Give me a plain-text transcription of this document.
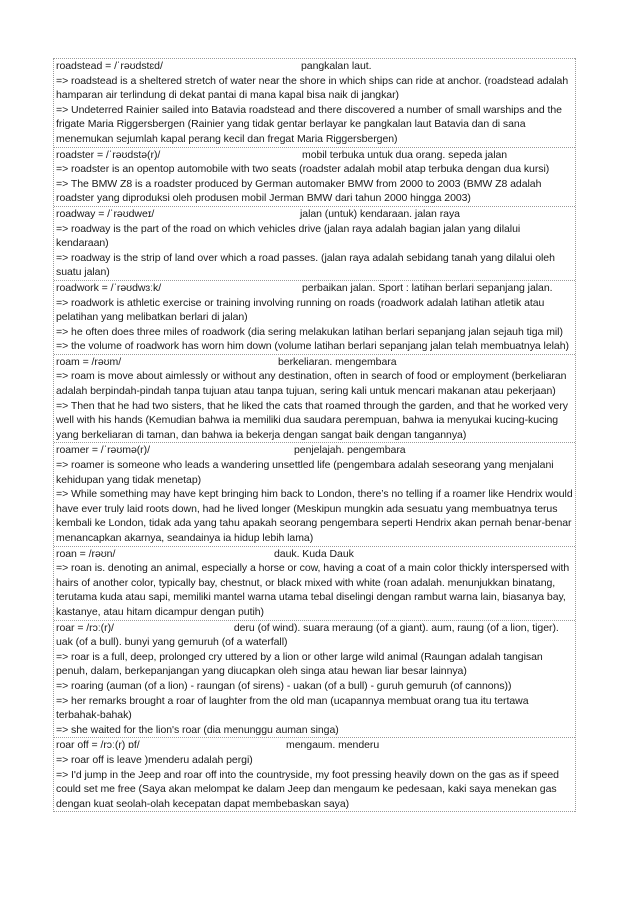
roadstead = /ˈrəʊdstɛd/	pangkalan laut.
=> roadstead is a sheltered stretch of water near the shore in which ships can ride at anchor. (roadstead adalah hamparan air terlindung di dekat pantai di mana kapal bisa naik di jangkar)
=> Undeterred Rainier sailed into Batavia roadstead and there discovered a number of small warships and the frigate Maria Riggersbergen (Rainier yang tidak gentar berlayar ke pangkalan laut Batavia dan di sana menemukan sejumlah kapal perang kecil dan fregat Maria Riggersbergen)
roadster = /ˈrəʊdstə(r)/	mobil terbuka untuk dua orang. sepeda jalan
=> roadster is an opentop automobile with two seats (roadster adalah mobil atap terbuka dengan dua kursi)
=> The BMW Z8 is a roadster produced by German automaker BMW from 2000 to 2003 (BMW Z8 adalah roadster yang diproduksi oleh produsen mobil Jerman BMW dari tahun 2000 hingga 2003)
roadway = /ˈrəʊdweɪ/	jalan (untuk) kendaraan. jalan raya
=> roadway is the part of the road on which vehicles drive (jalan raya adalah bagian jalan yang dilalui kendaraan)
=> roadway is the strip of land over which a road passes. (jalan raya adalah sebidang tanah yang dilalui oleh suatu jalan)
roadwork = /ˈrəʊdwɜːk/	perbaikan jalan. Sport : latihan berlari sepanjang jalan.
=> roadwork is athletic exercise or training involving running on roads (roadwork adalah latihan atletik atau pelatihan yang melibatkan berlari di jalan)
=> he often does three miles of roadwork (dia sering melakukan latihan berlari sepanjang jalan sejauh tiga mil)
=> the volume of roadwork has worn him down (volume latihan berlari sepanjang jalan telah membuatnya lelah)
roam = /rəʊm/	berkeliaran. mengembara
=> roam is move about aimlessly or without any destination, often in search of food or employment (berkeliaran adalah berpindah-pindah tanpa tujuan atau tanpa tujuan, sering kali untuk mencari makanan atau pekerjaan)
=> Then that he had two sisters, that he liked the cats that roamed through the garden, and that he worked very well with his hands (Kemudian bahwa ia memiliki dua saudara perempuan, bahwa ia menyukai kucing-kucing yang berkeliaran di taman, dan bahwa ia bekerja dengan sangat baik dengan tangannya)
roamer = /ˈrəʊmə(r)/	penjelajah. pengembara
=> roamer is someone who leads a wandering unsettled life (pengembara adalah seseorang yang menjalani kehidupan yang tidak menetap)
=> While something may have kept bringing him back to London, there’s no telling if a roamer like Hendrix would have ever truly laid roots down, had he lived longer (Meskipun mungkin ada sesuatu yang membuatnya terus kembali ke London, tidak ada yang tahu apakah seorang pengembara seperti Hendrix akan pernah benar-benar menancapkan akarnya, seandainya ia hidup lebih lama)
roan = /rəʊn/	dauk. Kuda Dauk
=> roan is. denoting an animal, especially a horse or cow, having a coat of a main color thickly interspersed with hairs of another color, typically bay, chestnut, or black mixed with white (roan adalah. menunjukkan binatang, terutama kuda atau sapi, memiliki mantel warna utama tebal diselingi dengan rambut warna lain, biasanya bay, kastanye, atau hitam dicampur dengan putih)
roar = /rɔː(r)/	deru (of wind). suara meraung (of a giant). aum, raung (of a lion, tiger). uak (of a bull). bunyi yang gemuruh (of a waterfall)
=> roar is a full, deep, prolonged cry uttered by a lion or other large wild animal (Raungan adalah tangisan penuh, dalam, berkepanjangan yang diucapkan oleh singa atau hewan liar besar lainnya)
=> roaring (auman (of a lion) - raungan (of sirens) - uakan (of a bull) - guruh gemuruh (of cannons))
=> her remarks brought a roar of laughter from the old man (ucapannya membuat orang tua itu tertawa terbahak-bahak)
=> she waited for the lion's roar (dia menunggu auman singa)
roar off = /rɔː(r) ɒf/	mengaum. menderu
=> roar off is leave )menderu adalah pergi)
=> I'd jump in the Jeep and roar off into the countryside, my foot pressing heavily down on the gas as if speed could set me free (Saya akan melompat ke dalam Jeep dan mengaum ke pedesaan, kaki saya menekan gas dengan kuat seolah-olah kecepatan dapat membebaskan saya)
